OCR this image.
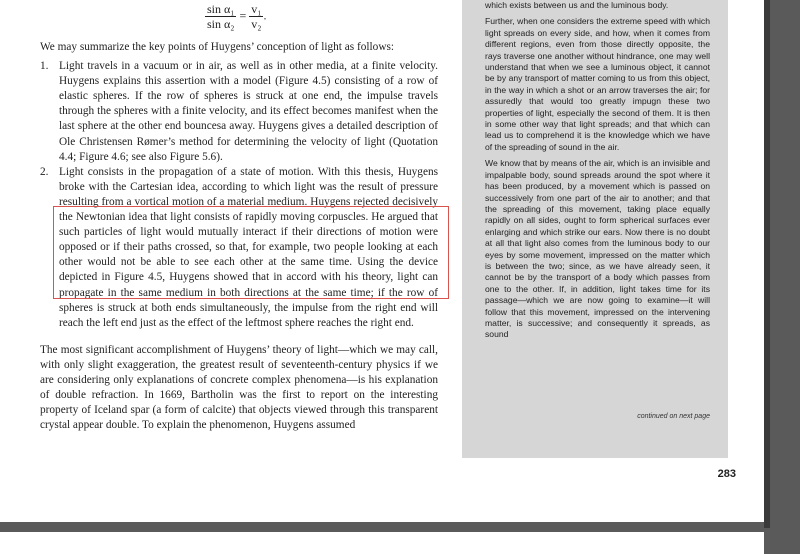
$\frac{\text{sin α₁}}{\text{sin α₂}} = \frac{\text{v₁}}{\text{v₂}}$ .

We may summarize the key points of Huygens’ conception of light as follows:

1. Light travels in a vacuum or in air, as well as in other media, at a finite velocity. Huygens explains this assertion with a model (Figure 4.5) consisting of a row of elastic spheres. If the row of spheres is struck at one end, the impulse travels through the spheres with a finite velocity, and its effect becomes manifest when the last sphere at the other end bouncesa away. Huygens gives a detailed description of Ole Christensen Rømer’s method for determining the velocity of light (Quotation 4.4; Figure 4.6; see also Figure 5.6).
2. Light consists in the propagation of a state of motion. With this thesis, Huygens broke with the Cartesian idea, according to which light was the result of pressure resulting from a vortical motion of a material medium. Huygens rejected decisively the Newtonian idea that light consists of rapidly moving corpuscles. He argued that such particles of light would mutually interact if their directions of motion were opposed or if their paths crossed, so that, for example, two people looking at each other would not be able to see each other at the same time. Using the device depicted in Figure 4.5, Huygens showed that in accord with his theory, light can propagate in the same medium in both directions at the same time; if the row of spheres is struck at both ends simultaneously, the impulse from the right end will reach the left end just as the effect of the leftmost sphere reaches the right end.

The most significant accomplishment of Huygens’ theory of light—which we may call, with only slight exaggeration, the greatest result of seventeenth-century physics if we are considering only explanations of concrete complex phenomena—is his explanation of double refraction. In 1669, Bartholin was the first to report on the interesting property of Iceland spar (a form of calcite) that objects viewed through this transparent crystal appear double. To explain the phenomenon, Huygens assumed

which exists between us and the luminous body.

Further, when one considers the extreme speed with which light spreads on every side, and how, when it comes from different regions, even from those directly opposite, the rays traverse one another without hindrance, one may well understand that when we see a luminous object, it cannot be by any transport of matter coming to us from this object, in the way in which a shot or an arrow traverses the air; for assuredly that would too greatly impugn these two properties of light, especially the second of them. It is then in some other way that light spreads; and that which can lead us to comprehend it is the knowledge which we have of the spreading of sound in the air.

We know that by means of the air, which is an invisible and impalpable body, sound spreads around the spot where it has been produced, by a movement which is passed on successively from one part of the air to another; and that the spreading of this movement, taking place equally rapidly on all sides, ought to form spherical surfaces ever enlarging and which strike our ears. Now there is no doubt at all that light also comes from the luminous body to our eyes by some movement, impressed on the matter which is between the two; since, as we have already seen, it cannot be by the transport of a body which passes from one to the other. If, in addition, light takes time for its passage—which we are now going to examine—it will follow that this movement, impressed on the intervening matter, is successive; and consequently it spreads, as sound

continued on next page
283
